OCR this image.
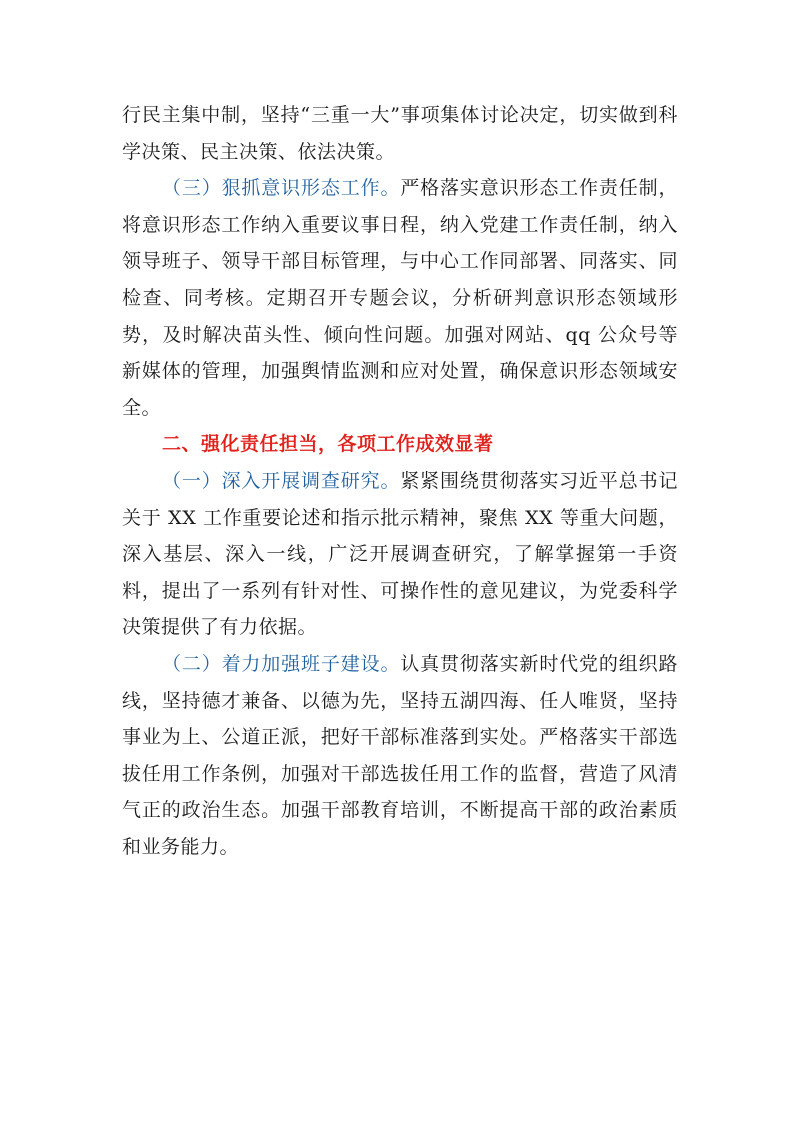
行民主集中制，坚持“三重一大”事项集体讨论决定，切实做到科学决策、民主决策、依法决策。

（三）狠抓意识形态工作。严格落实意识形态工作责任制，将意识形态工作纳入重要议事日程，纳入党建工作责任制，纳入领导班子、领导干部目标管理，与中心工作同部署、同落实、同检查、同考核。定期召开专题会议，分析研判意识形态领域形势，及时解决苗头性、倾向性问题。加强对网站、qq 公众号等新媒体的管理，加强舆情监测和应对处置，确保意识形态领域安全。

二、强化责任担当，各项工作成效显著

（一）深入开展调查研究。紧紧围绕贯彻落实习近平总书记关于 XX 工作重要论述和指示批示精神，聚焦 XX 等重大问题，深入基层、深入一线，广泛开展调查研究，了解掌握第一手资料，提出了一系列有针对性、可操作性的意见建议，为党委科学决策提供了有力依据。

（二）着力加强班子建设。认真贯彻落实新时代党的组织路线，坚持德才兼备、以德为先，坚持五湖四海、任人唯贤，坚持事业为上、公道正派，把好干部标准落到实处。严格落实干部选拔任用工作条例，加强对干部选拔任用工作的监督，营造了风清气正的政治生态。加强干部教育培训，不断提高干部的政治素质和业务能力。
